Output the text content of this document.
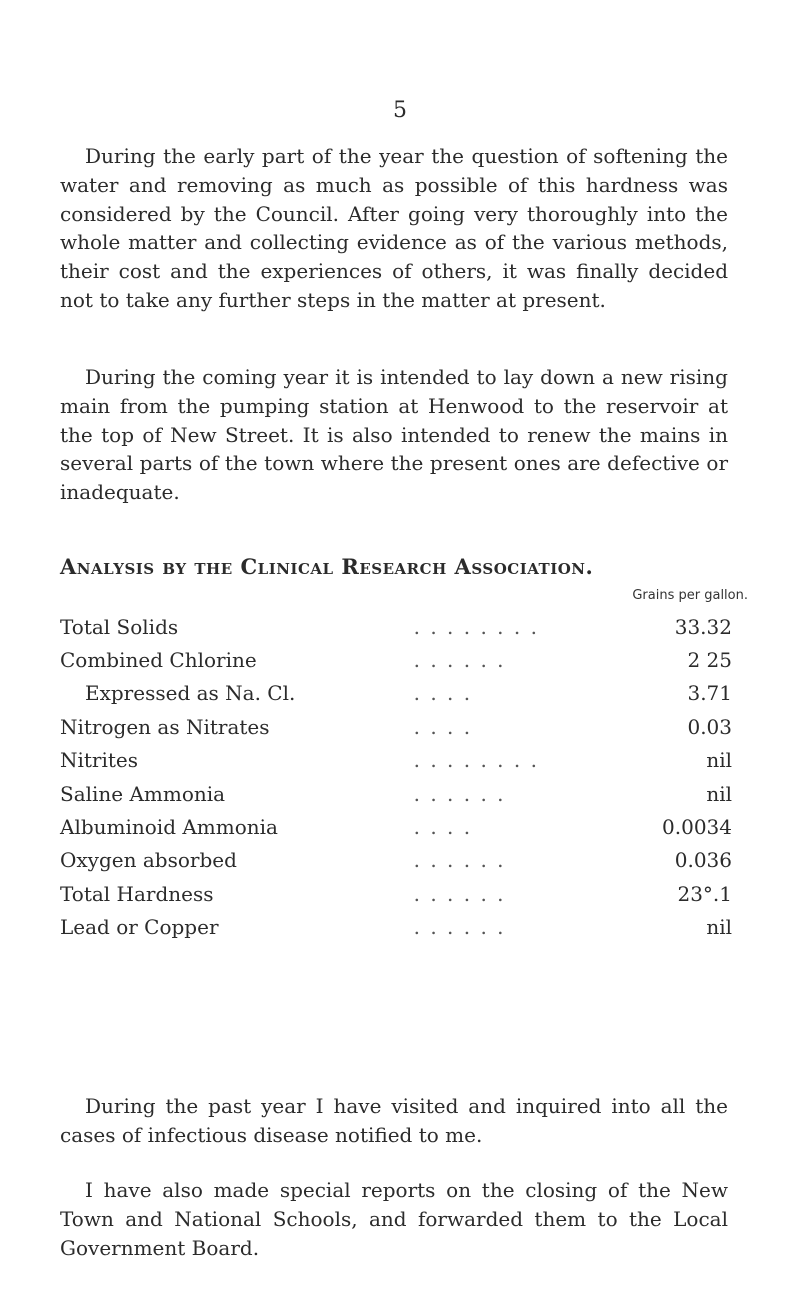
5

During the early part of the year the question of softening the water and removing as much as possible of this hardness was considered by the Council. After going very thoroughly into the whole matter and collecting evidence as of the various methods, their cost and the experiences of others, it was finally decided not to take any further steps in the matter at present.

During the coming year it is intended to lay down a new rising main from the pumping station at Henwood to the reservoir at the top of New Street. It is also intended to renew the mains in several parts of the town where the present ones are defective or inadequate.

Analysis by the Clinical Research Association.
Grains per gallon.
Total Solids	. . . . . . . .	33.32
Combined Chlorine	. . . . . .	2 25
Expressed as Na. Cl.	. . . .	3.71
Nitrogen as Nitrates	. . . .	0.03
Nitrites	. . . . . . . .	nil
Saline Ammonia	. . . . . .	nil
Albuminoid Ammonia	. . . .	0.0034
Oxygen absorbed	. . . . . .	0.036
Total Hardness	. . . . . .	23°.1
Lead or Copper	. . . . . .	nil

During the past year I have visited and inquired into all the cases of infectious disease notified to me.

I have also made special reports on the closing of the New Town and National Schools, and forwarded them to the Local Government Board.
